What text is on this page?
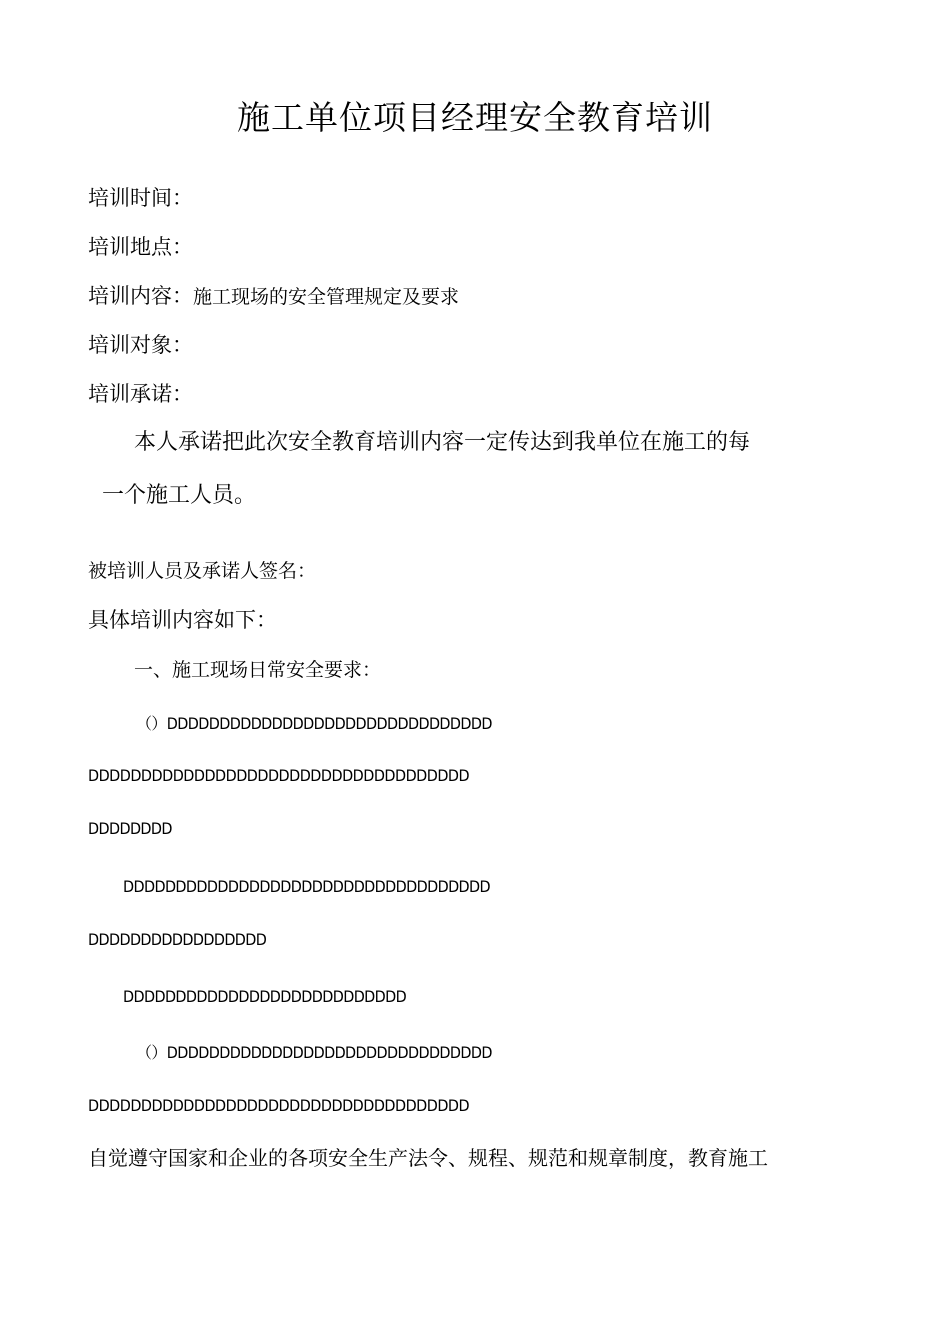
施工单位项目经理安全教育培训
培训时间：
培训地点：
培训内容：施工现场的安全管理规定及要求
培训对象：
培训承诺：
本人承诺把此次安全教育培训内容一定传达到我单位在施工的每
一个施工人员。
被培训人员及承诺人签名：
具体培训内容如下：
一、施工现场日常安全要求：
（）DDDDDDDDDDDDDDDDDDDDDDDDDDDDDDD
DDDDDDDDDDDDDDDDDDDDDDDDDDDDDDDDDDDD
DDDDDDDD
DDDDDDDDDDDDDDDDDDDDDDDDDDDDDDDDDDD
DDDDDDDDDDDDDDDDD
DDDDDDDDDDDDDDDDDDDDDDDDDDD
（）DDDDDDDDDDDDDDDDDDDDDDDDDDDDDDD
DDDDDDDDDDDDDDDDDDDDDDDDDDDDDDDDDDDD
自觉遵守国家和企业的各项安全生产法令、规程、规范和规章制度，教育施工
